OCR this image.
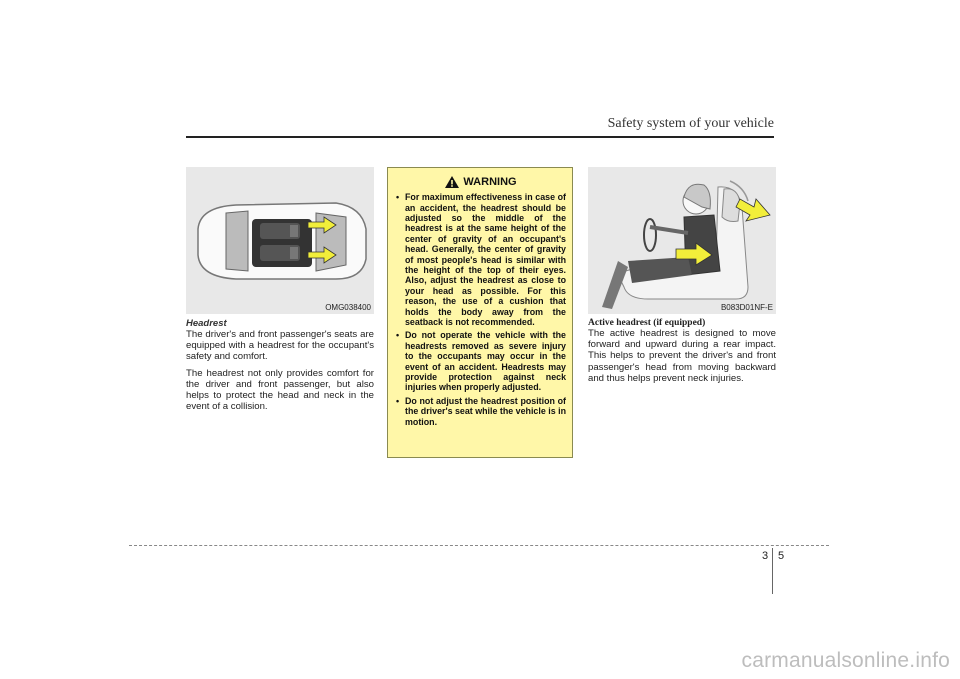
Safety system of your vehicle
OMG038400
Headrest

The driver's and front passenger's seats are equipped with a headrest for the occupant's safety and comfort.

The headrest not only provides comfort for the driver and front passenger, but also helps to protect the head and neck in the event of a collision.

WARNING
• For maximum effectiveness in case of an accident, the headrest should be adjusted so the middle of the headrest is at the same height of the center of gravity of an occupant's head. Generally, the center of gravity of most people's head is similar with the height of the top of their eyes. Also, adjust the headrest as close to your head as possible. For this reason, the use of a cushion that holds the body away from the seatback is not recommended.
• Do not operate the vehicle with the headrests removed as severe injury to the occupants may occur in the event of an accident. Headrests may provide protection against neck injuries when properly adjusted.
• Do not adjust the headrest position of the driver's seat while the vehicle is in motion.
B083D01NF-E
Active headrest (if equipped)

The active headrest is designed to move forward and upward during a rear impact. This helps to prevent the driver's and front passenger's head from moving backward and thus helps prevent neck injuries.

3 5
carmanualsonline.info
